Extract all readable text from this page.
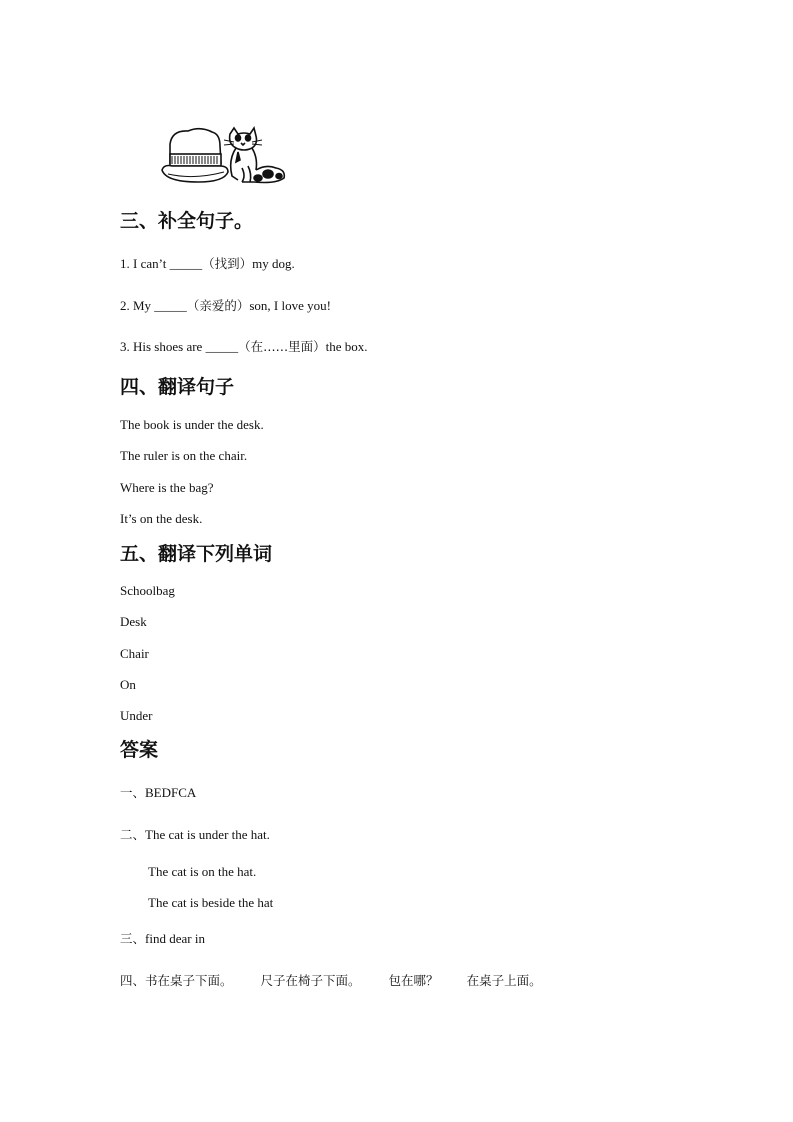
三、补全句子。
1. I can’t _____（找到）my dog.
2. My _____（亲爱的）son, I love you!
3. His shoes are _____（在……里面）the box.
四、翻译句子
The book is under the desk.
The ruler is on the chair.
Where is the bag?
It’s on the desk.
五、翻译下列单词
Schoolbag
Desk
Chair
On
Under
答案
一、BEDFCA
二、The cat is under the hat.
The cat is on the hat.
The cat is beside the hat
三、find dear in
四、书在桌子下面。 尺子在椅子下面。 包在哪？ 在桌子上面。
